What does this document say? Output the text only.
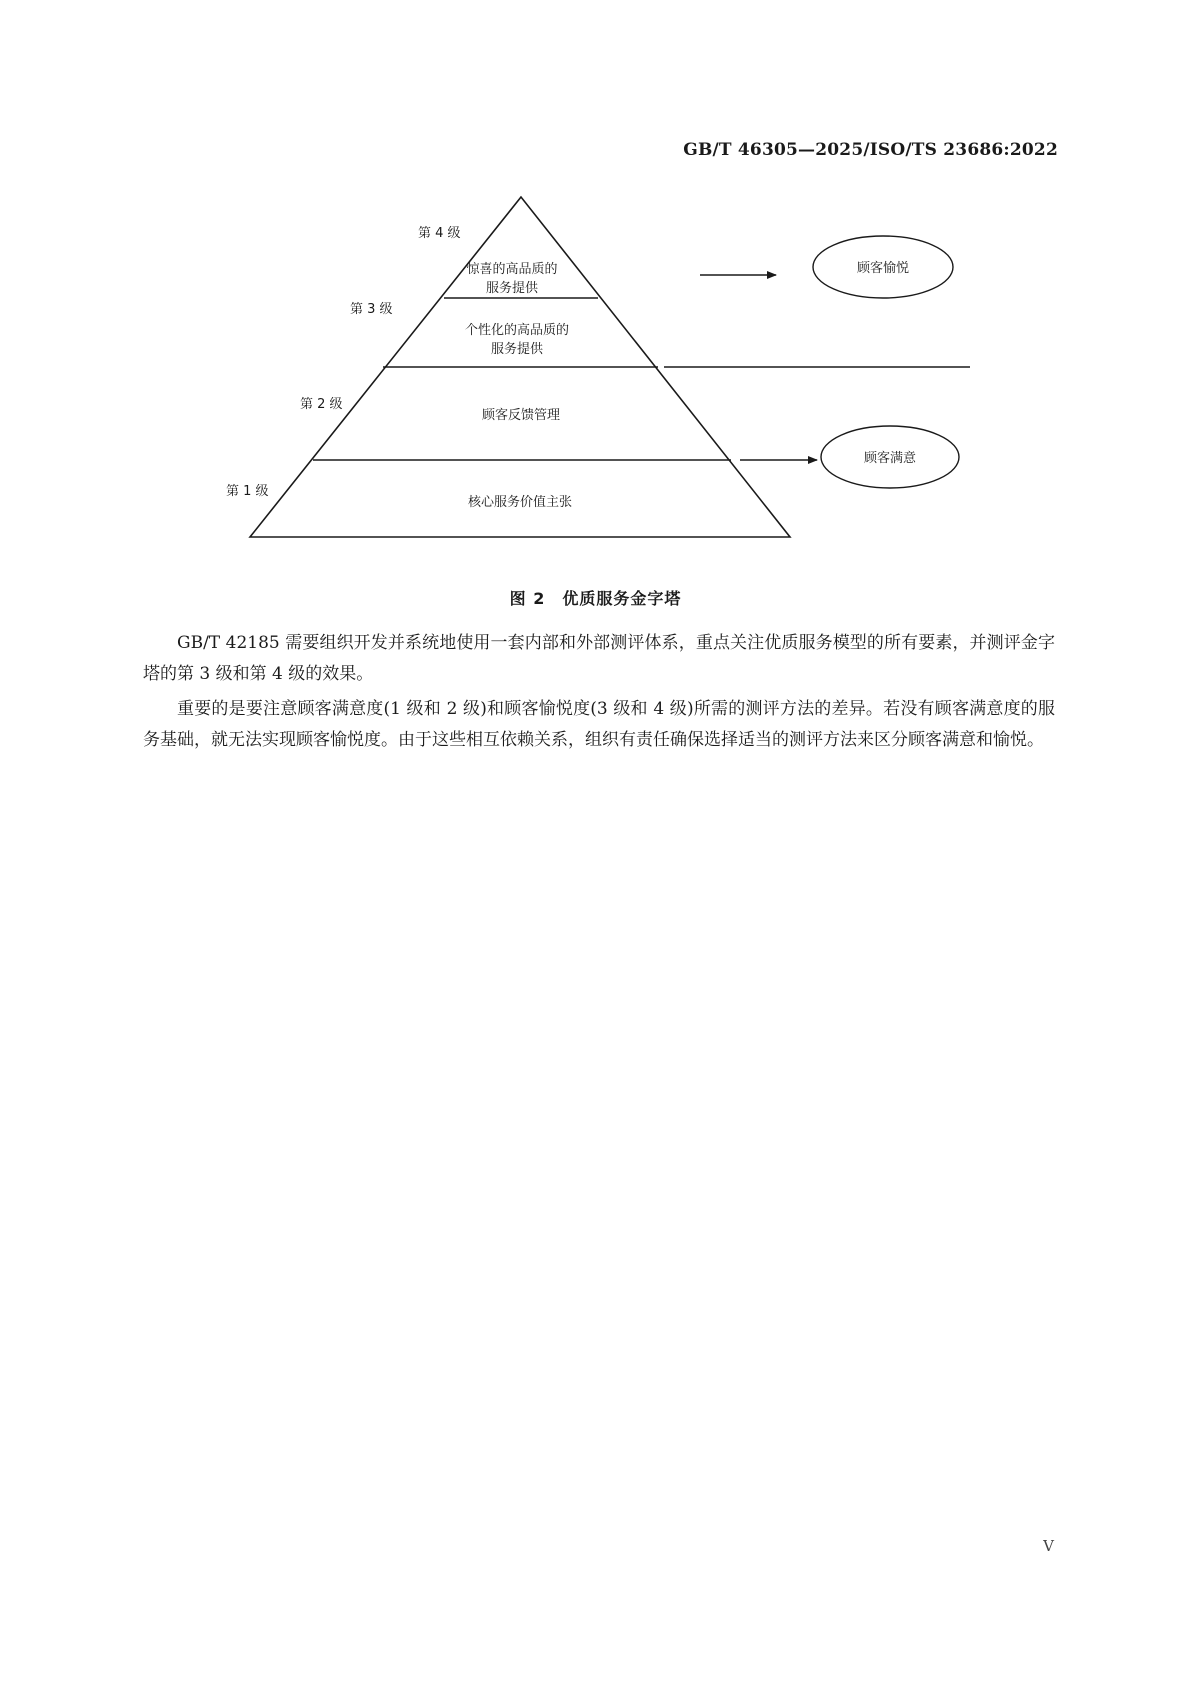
GB/T 46305—2025/ISO/TS 23686:2022
第 4 级
第 3 级
第 2 级
第 1 级
惊喜的高品质的
服务提供
个性化的高品质的
服务提供
顾客反馈管理
核心服务价值主张
顾客愉悦
顾客满意
图 2　优质服务金字塔

GB/T 42185 需要组织开发并系统地使用一套内部和外部测评体系，重点关注优质服务模型的所有要素，并测评金字塔的第 3 级和第 4 级的效果。

重要的是要注意顾客满意度(1 级和 2 级)和顾客愉悦度(3 级和 4 级)所需的测评方法的差异。若没有顾客满意度的服务基础，就无法实现顾客愉悦度。由于这些相互依赖关系，组织有责任确保选择适当的测评方法来区分顾客满意和愉悦。

V
